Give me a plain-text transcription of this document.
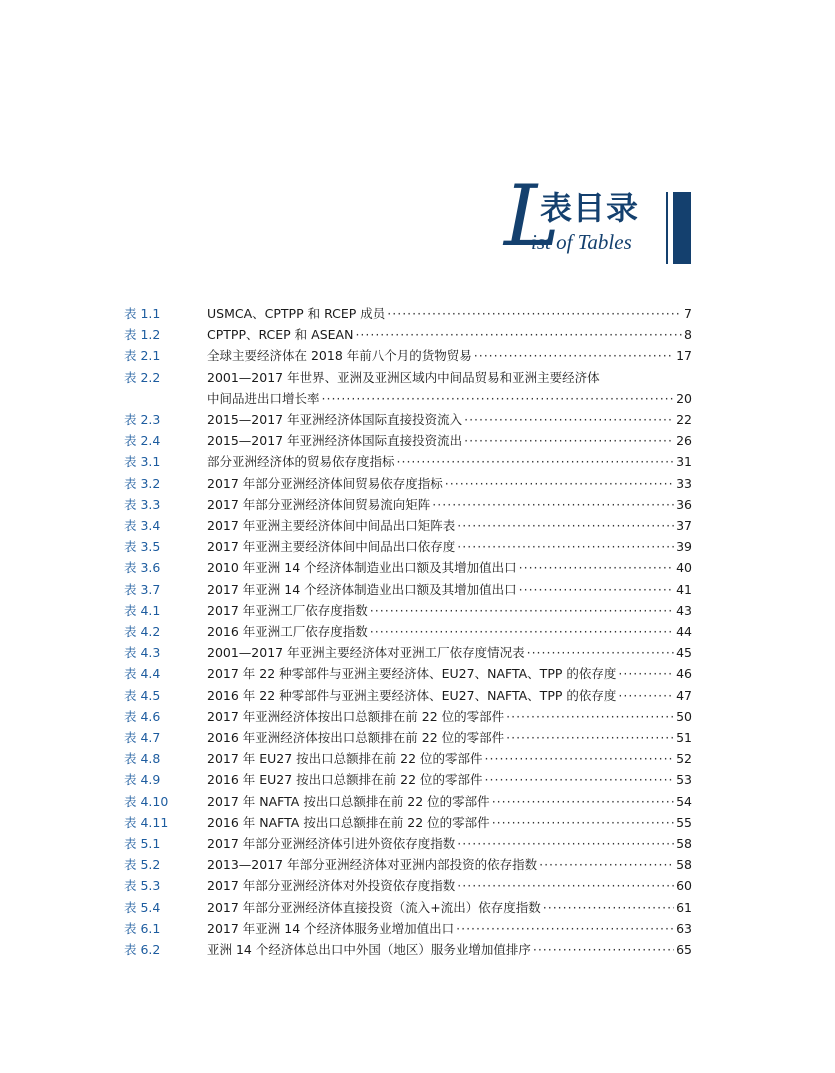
L
表目录
ist of Tables
表 1.1	USMCA、CPTPP 和 RCEP 成员 ·····	7
表 1.2	CPTPP、RCEP 和 ASEAN ·····	8
表 2.1	全球主要经济体在 2018 年前八个月的货物贸易 ·····	17
表 2.2	2001—2017 年世界、亚洲及亚洲区域内中间品贸易和亚洲主要经济体
中间品进出口增长率 ·····	20
表 2.3	2015—2017 年亚洲经济体国际直接投资流入 ·····	22
表 2.4	2015—2017 年亚洲经济体国际直接投资流出 ·····	26
表 3.1	部分亚洲经济体的贸易依存度指标 ·····	31
表 3.2	2017 年部分亚洲经济体间贸易依存度指标 ·····	33
表 3.3	2017 年部分亚洲经济体间贸易流向矩阵 ·····	36
表 3.4	2017 年亚洲主要经济体间中间品出口矩阵表 ·····	37
表 3.5	2017 年亚洲主要经济体间中间品出口依存度 ·····	39
表 3.6	2010 年亚洲 14 个经济体制造业出口额及其增加值出口 ·····	40
表 3.7	2017 年亚洲 14 个经济体制造业出口额及其增加值出口 ·····	41
表 4.1	2017 年亚洲工厂依存度指数 ·····	43
表 4.2	2016 年亚洲工厂依存度指数 ·····	44
表 4.3	2001—2017 年亚洲主要经济体对亚洲工厂依存度情况表 ·····	45
表 4.4	2017 年 22 种零部件与亚洲主要经济体、EU27、NAFTA、TPP 的依存度 ·····	46
表 4.5	2016 年 22 种零部件与亚洲主要经济体、EU27、NAFTA、TPP 的依存度 ·····	47
表 4.6	2017 年亚洲经济体按出口总额排在前 22 位的零部件 ·····	50
表 4.7	2016 年亚洲经济体按出口总额排在前 22 位的零部件 ·····	51
表 4.8	2017 年 EU27 按出口总额排在前 22 位的零部件 ·····	52
表 4.9	2016 年 EU27 按出口总额排在前 22 位的零部件 ·····	53
表 4.10	2017 年 NAFTA 按出口总额排在前 22 位的零部件 ·····	54
表 4.11	2016 年 NAFTA 按出口总额排在前 22 位的零部件 ·····	55
表 5.1	2017 年部分亚洲经济体引进外资依存度指数 ·····	58
表 5.2	2013—2017 年部分亚洲经济体对亚洲内部投资的依存指数 ·····	58
表 5.3	2017 年部分亚洲经济体对外投资依存度指数 ·····	60
表 5.4	2017 年部分亚洲经济体直接投资（流入+流出）依存度指数 ·····	61
表 6.1	2017 年亚洲 14 个经济体服务业增加值出口 ·····	63
表 6.2	亚洲 14 个经济体总出口中外国（地区）服务业增加值排序 ·····	65
